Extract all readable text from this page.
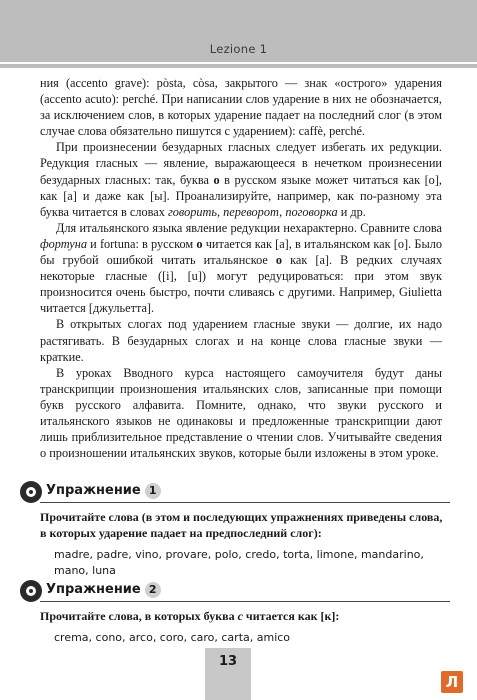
Lezione 1

ния (accento grave): pòsta, còsa, закрытого — знак «острого» ударения (accento acuto): perché. При написании слов ударение в них не обозначается, за исключением слов, в которых ударение падает на последний слог (в этом случае слова обязательно пишутся с ударением): caffè, perché.

При произнесении безударных гласных следует избегать их редукции. Редукция гласных — явление, выражающееся в нечетком произнесении безударных гласных: так, буква о в русском языке может читаться как [о], как [а] и даже как [ы]. Проанализируйте, например, как по-разному эта буква читается в словах говорить, переворот, поговорка и др.

Для итальянского языка явление редукции нехарактерно. Сравните слова фортуна и fortuna: в русском о читается как [а], в итальянском как [о]. Было бы грубой ошибкой читать итальянское о как [а]. В редких случаях некоторые гласные ([i], [u]) могут редуцироваться: при этом звук произносится очень быстро, почти сливаясь с другими. Например, Giulietta читается [джульетта].

В открытых слогах под ударением гласные звуки — долгие, их надо растягивать. В безударных слогах и на конце слова гласные звуки — краткие.

В уроках Вводного курса настоящего самоучителя будут даны транскрипции произношения итальянских слов, записанные при помощи букв русского алфавита. Помните, однако, что звуки русского и итальянского языков не одинаковы и предложенные транскрипции дают лишь приблизительное представление о чтении слов. Учитывайте сведения о произношении итальянских звуков, которые были изложены в этом уроке.

Упражнение 1
Прочитайте слова (в этом и последующих упражнениях приведены слова, в которых ударение падает на предпоследний слог):
madre, padre, vino, provare, polo, credo, torta, limone, mandarino, mano, luna
Упражнение 2
Прочитайте слова, в которых буква c читается как [к]:
crema, cono, arco, coro, caro, carta, amico
13
Л
